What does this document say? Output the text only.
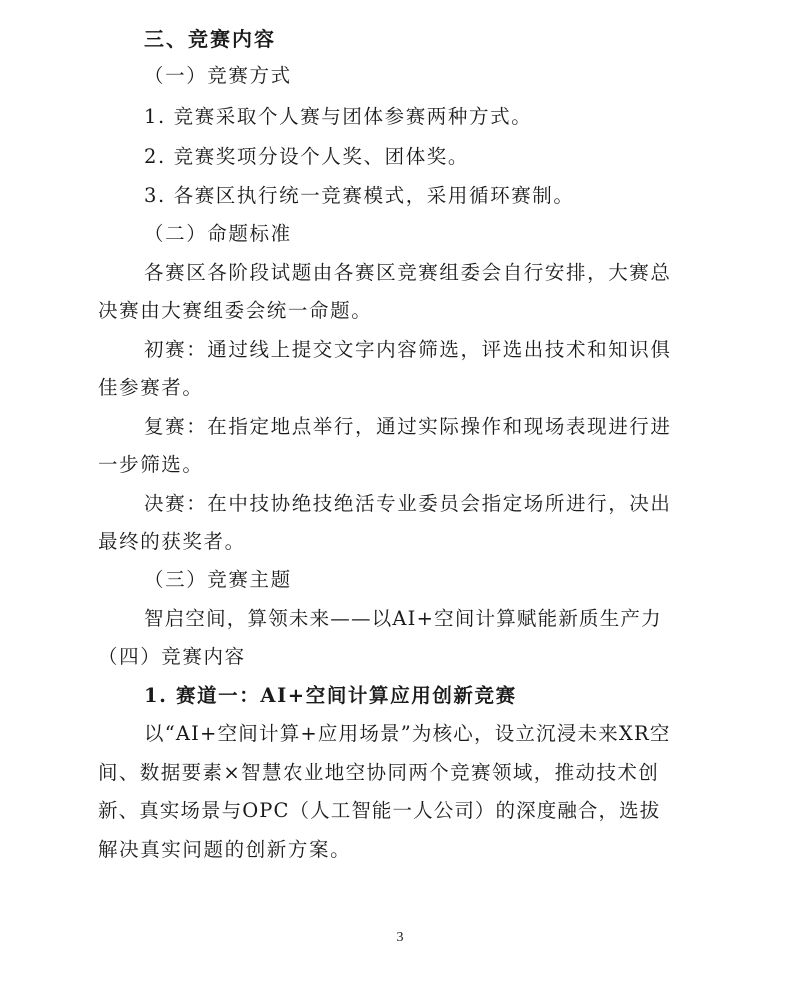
三、竞赛内容

（一）竞赛方式

1. 竞赛采取个人赛与团体参赛两种方式。

2. 竞赛奖项分设个人奖、团体奖。

3. 各赛区执行统一竞赛模式，采用循环赛制。

（二）命题标准

各赛区各阶段试题由各赛区竞赛组委会自行安排，大赛总

决赛由大赛组委会统一命题。

初赛：通过线上提交文字内容筛选，评选出技术和知识俱

佳参赛者。

复赛：在指定地点举行，通过实际操作和现场表现进行进

一步筛选。

决赛：在中技协绝技绝活专业委员会指定场所进行，决出

最终的获奖者。

（三）竞赛主题

智启空间，算领未来——以AI+空间计算赋能新质生产力

（四）竞赛内容

1. 赛道一：AI+空间计算应用创新竞赛

以“AI+空间计算+应用场景”为核心，设立沉浸未来XR空

间、数据要素×智慧农业地空协同两个竞赛领域，推动技术创

新、真实场景与OPC（人工智能一人公司）的深度融合，选拔

解决真实问题的创新方案。

3
